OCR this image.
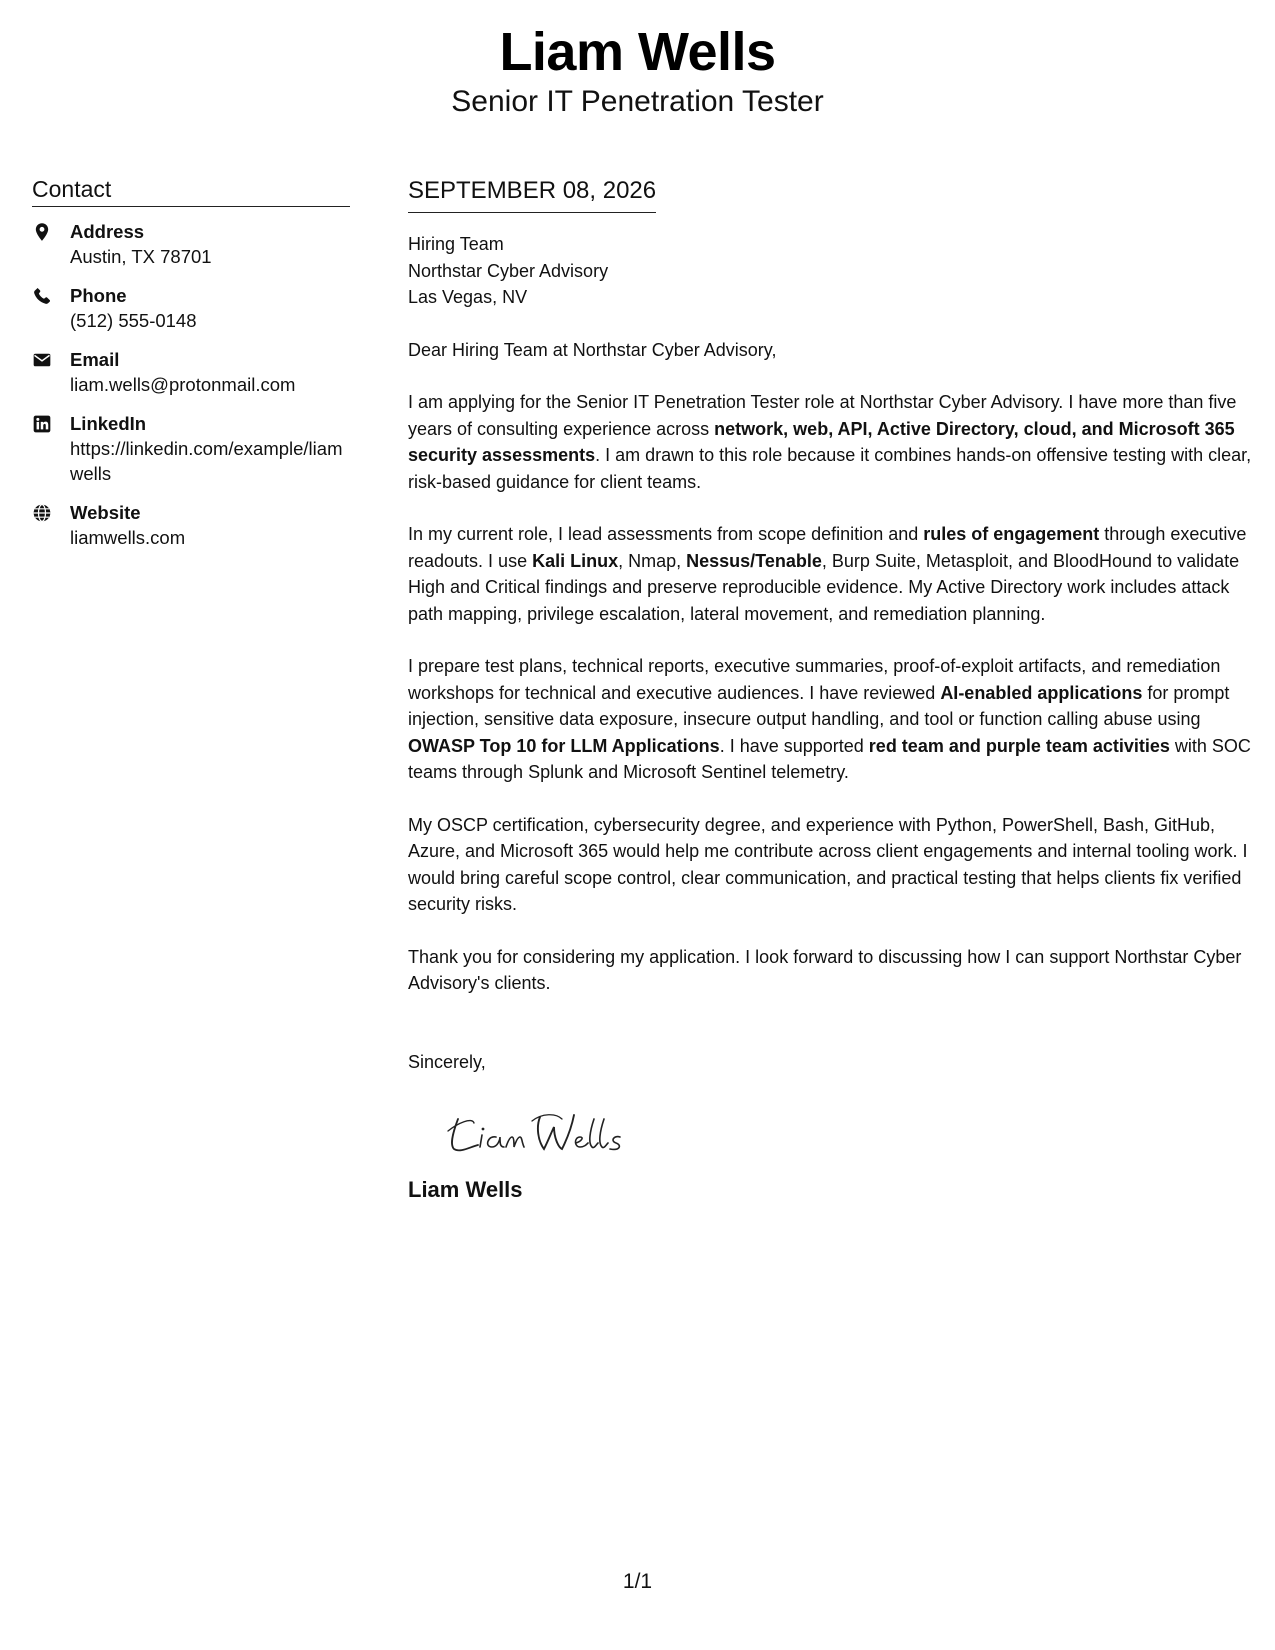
Liam Wells
Senior IT Penetration Tester
Contact
Address
Austin, TX 78701
Phone
(512) 555-0148
Email
liam.wells@protonmail.com
LinkedIn
https://linkedin.com/example/liamwells
Website
liamwells.com
SEPTEMBER 08, 2026
Hiring Team
Northstar Cyber Advisory
Las Vegas, NV
Dear Hiring Team at Northstar Cyber Advisory,

I am applying for the Senior IT Penetration Tester role at Northstar Cyber Advisory. I have more than five years of consulting experience across network, web, API, Active Directory, cloud, and Microsoft 365 security assessments. I am drawn to this role because it combines hands-on offensive testing with clear, risk-based guidance for client teams.

In my current role, I lead assessments from scope definition and rules of engagement through executive readouts. I use Kali Linux, Nmap, Nessus/Tenable, Burp Suite, Metasploit, and BloodHound to validate High and Critical findings and preserve reproducible evidence. My Active Directory work includes attack path mapping, privilege escalation, lateral movement, and remediation planning.

I prepare test plans, technical reports, executive summaries, proof-of-exploit artifacts, and remediation workshops for technical and executive audiences. I have reviewed AI-enabled applications for prompt injection, sensitive data exposure, insecure output handling, and tool or function calling abuse using OWASP Top 10 for LLM Applications. I have supported red team and purple team activities with SOC teams through Splunk and Microsoft Sentinel telemetry.

My OSCP certification, cybersecurity degree, and experience with Python, PowerShell, Bash, GitHub, Azure, and Microsoft 365 would help me contribute across client engagements and internal tooling work. I would bring careful scope control, clear communication, and practical testing that helps clients fix verified security risks.

Thank you for considering my application. I look forward to discussing how I can support Northstar Cyber Advisory's clients.

Sincerely,
Liam Wells
1/1
